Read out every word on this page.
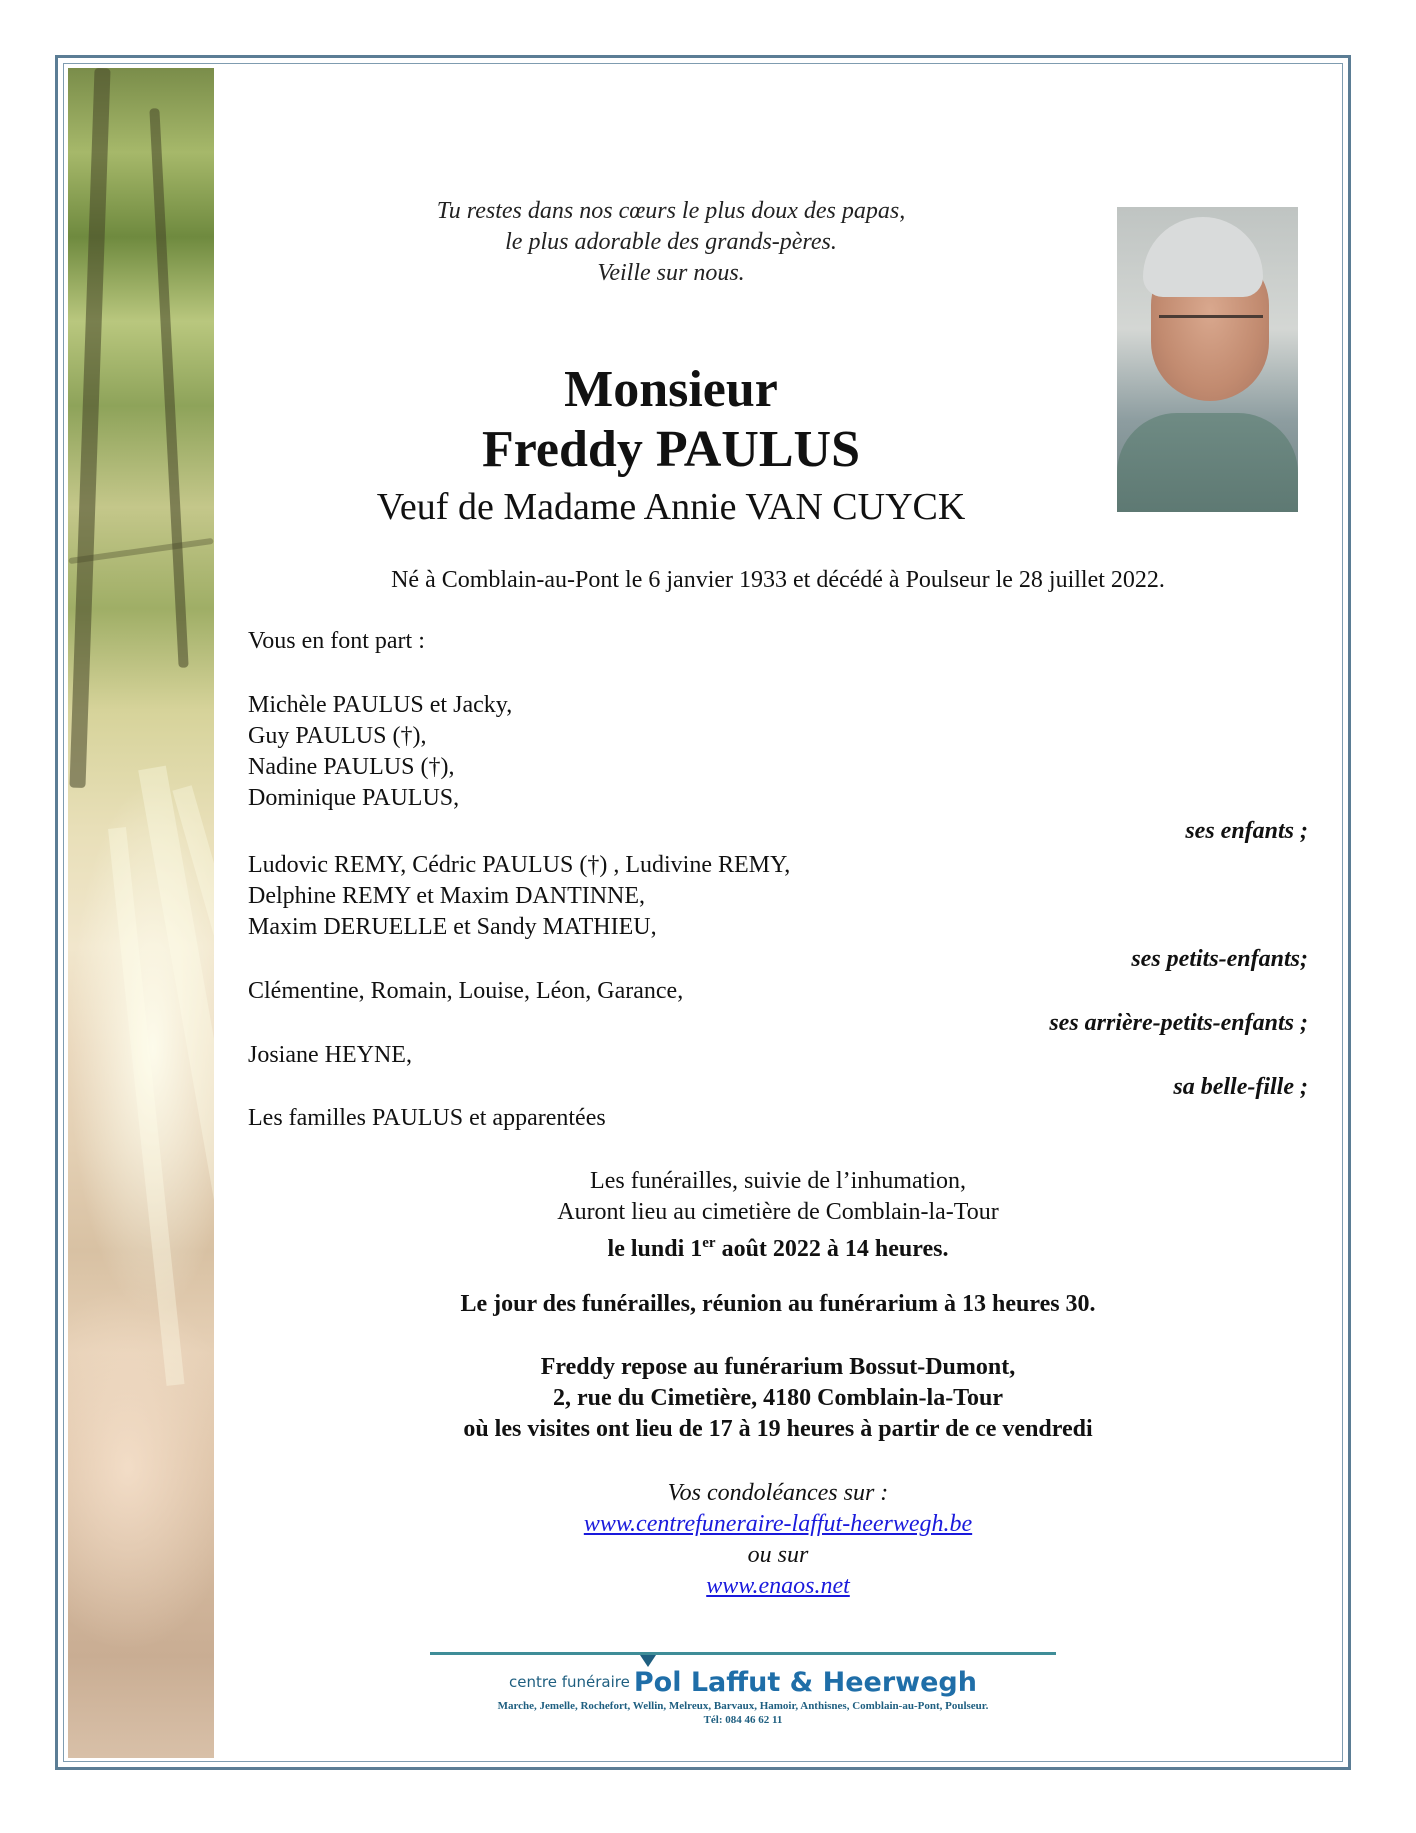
Tu restes dans nos cœurs le plus doux des papas,
le plus adorable des grands-pères.
Veille sur nous.

Monsieur

Freddy PAULUS

Veuf de Madame Annie VAN CUYCK

Né à Comblain-au-Pont le 6 janvier 1933 et décédé à Poulseur le 28 juillet 2022.
Vous en font part :
Michèle PAULUS et Jacky,
Guy PAULUS (†),
Nadine PAULUS (†),
Dominique PAULUS,
ses enfants ;
Ludovic REMY, Cédric PAULUS (†) , Ludivine REMY,
Delphine REMY et Maxim DANTINNE,
Maxim DERUELLE et Sandy MATHIEU,
ses petits-enfants;
Clémentine, Romain, Louise, Léon, Garance,
ses arrière-petits-enfants ;
Josiane HEYNE,
sa belle-fille ;
Les familles PAULUS et apparentées
Les funérailles, suivie de l’inhumation,
Auront lieu au cimetière de Comblain-la-Tour
le lundi 1er août 2022 à 14 heures.
Le jour des funérailles, réunion au funérarium à 13 heures 30.
Freddy repose au funérarium Bossut-Dumont,
2, rue du Cimetière, 4180 Comblain-la-Tour
où les visites ont lieu de 17 à 19 heures à partir de ce vendredi
Vos condoléances sur :
www.centrefuneraire-laffut-heerwegh.be
ou sur
www.enaos.net
centre funéraire Pol Laffut & Heerwegh
Marche, Jemelle, Rochefort, Wellin, Melreux, Barvaux, Hamoir, Anthisnes, Comblain-au-Pont, Poulseur.
Tél: 084 46 62 11
